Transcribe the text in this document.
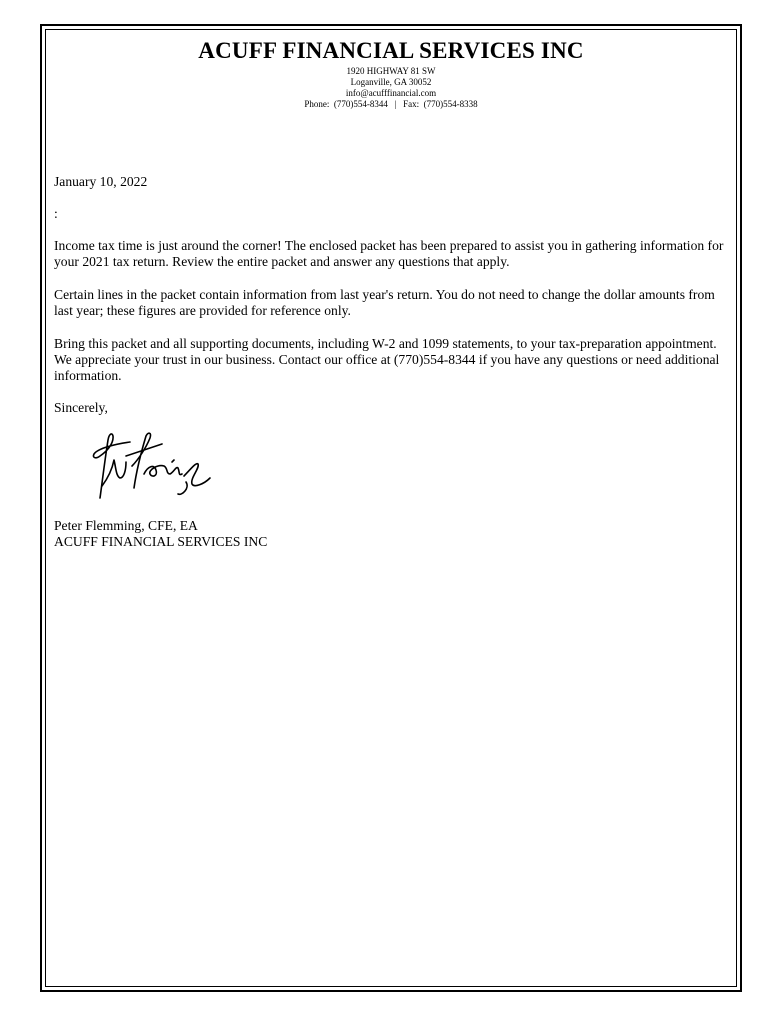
ACUFF FINANCIAL SERVICES INC
1920 HIGHWAY 81 SW
Loganville, GA 30052
info@acufffinancial.com
Phone:  (770)554-8344   |   Fax:  (770)554-8338
January 10, 2022
:

Income tax time is just around the corner! The enclosed packet has been prepared to assist you in gathering information for your 2021 tax return. Review the entire packet and answer any questions that apply.

Certain lines in the packet contain information from last year's return. You do not need to change the dollar amounts from last year; these figures are provided for reference only.

Bring this packet and all supporting documents, including W-2 and 1099 statements, to your tax-preparation appointment. We appreciate your trust in our business. Contact our office at (770)554-8344 if you have any questions or need additional information.

Sincerely,
Peter Flemming
Peter Flemming, CFE, EA
ACUFF FINANCIAL SERVICES INC
